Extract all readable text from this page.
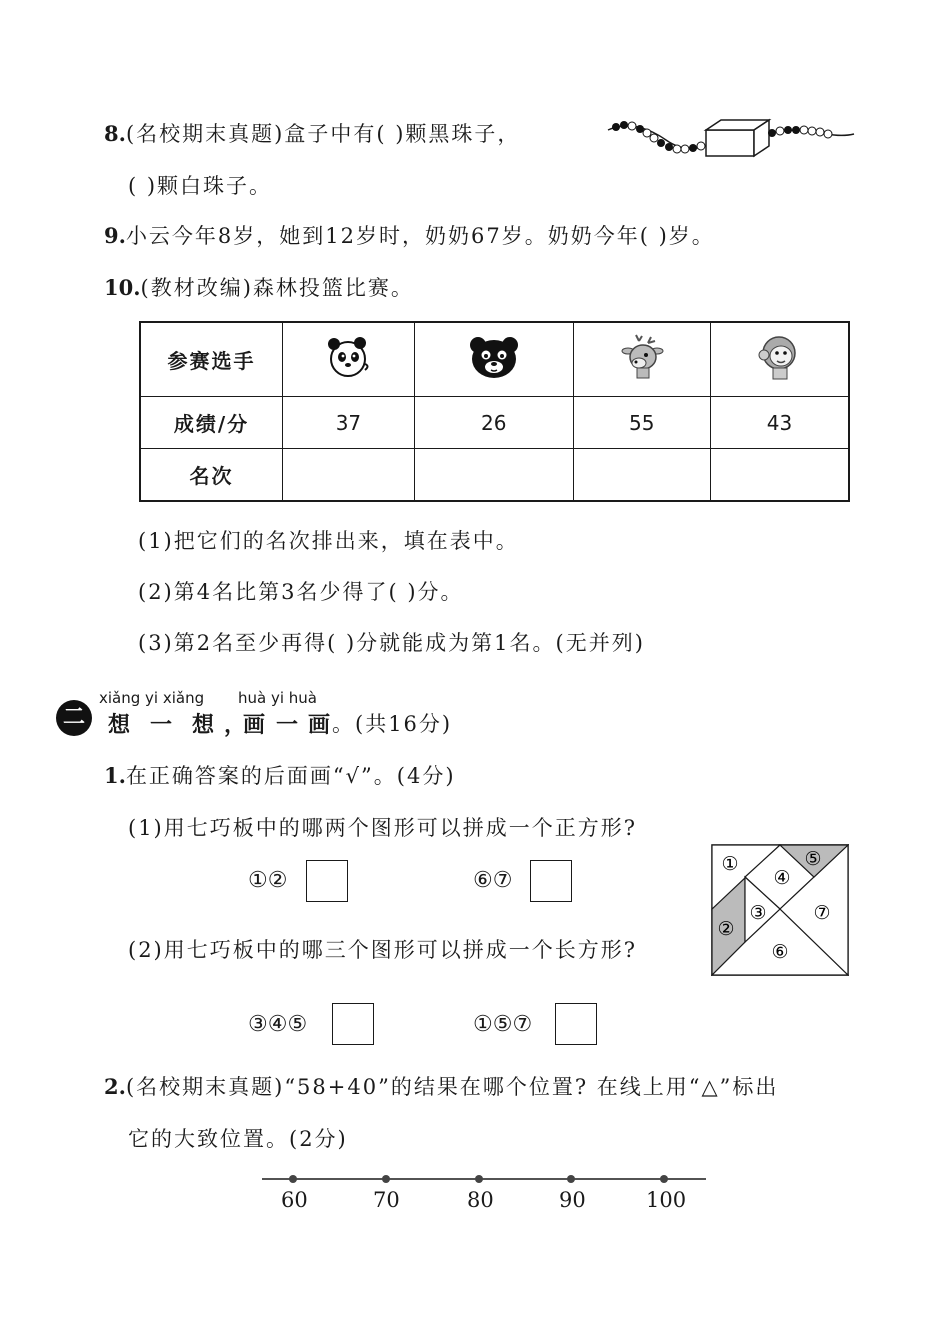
8.(名校期末真题)盒子中有( )颗黑珠子，
( )颗白珠子。
9.小云今年8岁，她到12岁时，奶奶67岁。奶奶今年( )岁。
10.(教材改编)森林投篮比赛。
参赛选手				
成绩/分	37	26	55	43
名次				
(1)把它们的名次排出来，填在表中。
(2)第4名比第3名少得了( )分。
(3)第2名至少再得( )分就能成为第1名。(无并列)
二
xiǎng yi xiǎng huà yi huà
想 一 想 ，
画 一 画 。(共16分)
1.在正确答案的后面画“√”。(4分)
(1)用七巧板中的哪两个图形可以拼成一个正方形?
①②	⑥⑦
(2)用七巧板中的哪三个图形可以拼成一个长方形?
③④⑤	①⑤⑦
①
②
③
④
⑤
⑥
⑦
2.(名校期末真题)“58+40”的结果在哪个位置? 在线上用“△”标出
它的大致位置。(2分)
60	70	80	90	100
